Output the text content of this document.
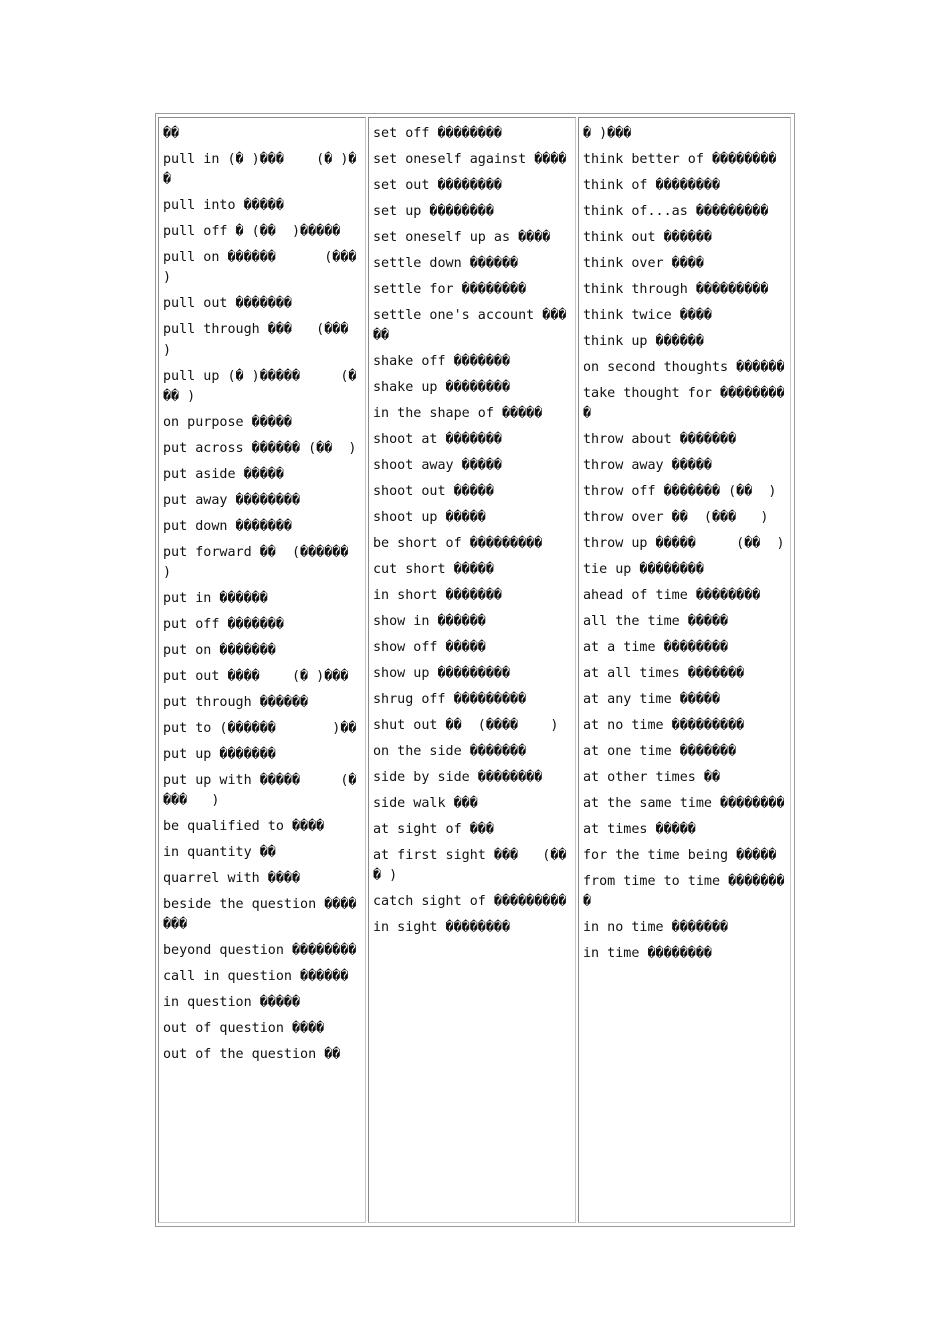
��
pull in (� )���    (� )��
pull into �����
pull off � (��  )�����
pull on ������      (��� )
pull out �������
pull through ���   (��� )
pull up (� )�����     (��� )
on purpose �����
put across ������ (��  )
put aside �����
put away ��������
put down �������
put forward ��  (������  )
put in ������
put off �������
put on �������
put out ����    (� )���
put through ������
put to (������       )��
put up �������
put up with �����     (����   )
be qualified to ����
in quantity ��
quarrel with ����
beside the question �������
beyond question ��������
call in question ������
in question �����
out of question ����
out of the question ��
set off ��������
set oneself against ����
set out ��������
set up ��������
set oneself up as ����
settle down ������
settle for ��������
settle one's account �����
shake off �������
shake up ��������
in the shape of �����
shoot at �������
shoot away �����
shoot out �����
shoot up �����
be short of ���������
cut short �����
in short �������
show in ������
show off �����
show up ���������
shrug off ���������
shut out ��  (����    )
on the side �������
side by side ��������
side walk ���
at sight of ���
at first sight ���   (��� )
catch sight of ���������
in sight ��������
� )���
think better of ��������
think of ��������
think of...as ���������
think out ������
think over ����
think through ���������
think twice ����
think up ������
on second thoughts ������
take thought for ���������
throw about �������
throw away �����
throw off ������� (��  )
throw over ��  (���   )
throw up �����     (��  )
tie up ��������
ahead of time ��������
all the time �����
at a time ��������
at all times �������
at any time �����
at no time ���������
at one time �������
at other times ��
at the same time ��������
at times �����
for the time being �����
from time to time ��������
in no time �������
in time ��������
